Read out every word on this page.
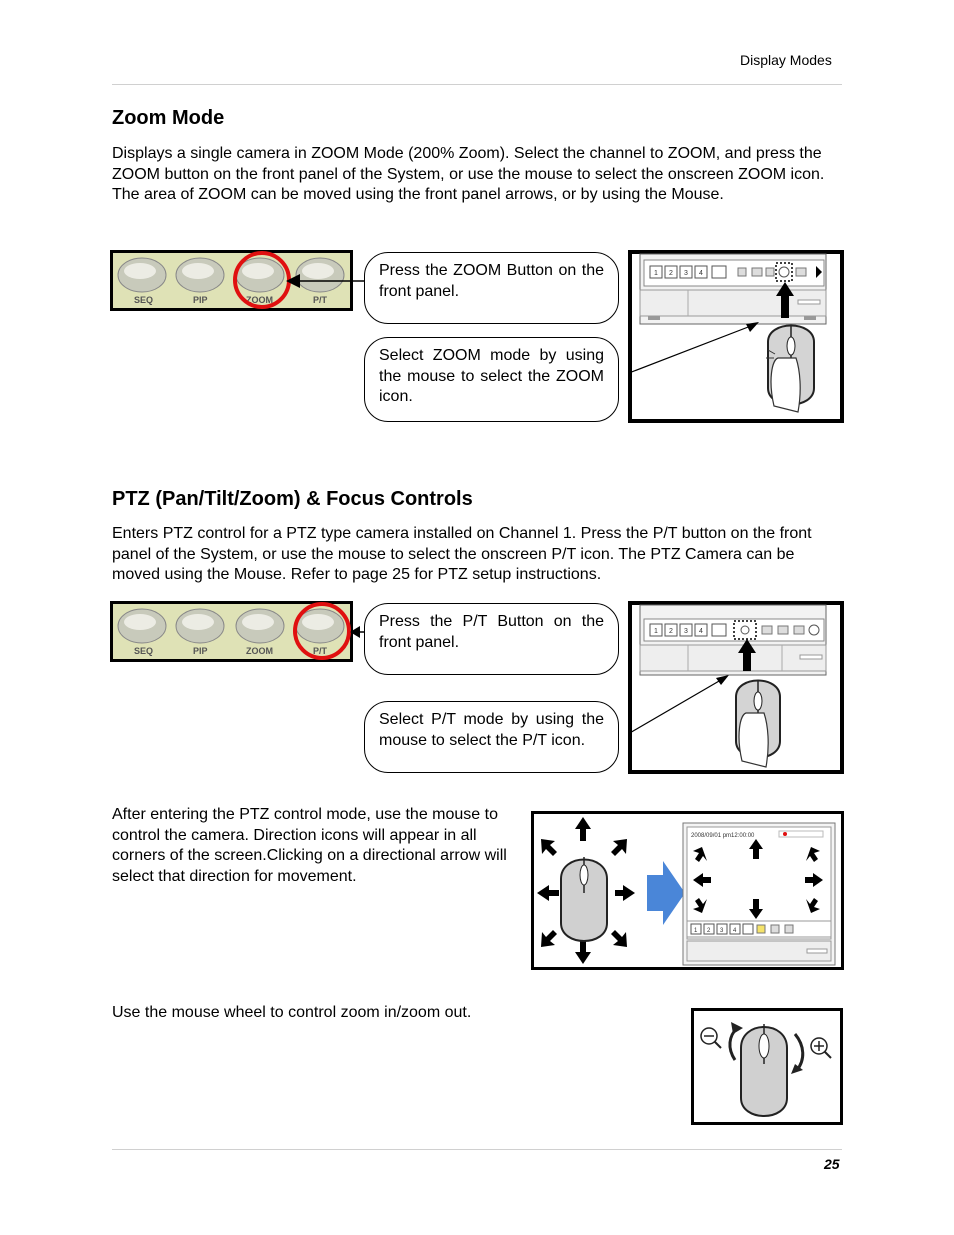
Display Modes
Zoom Mode
Displays a single camera in ZOOM Mode (200% Zoom). Select the channel to ZOOM, and press the ZOOM button on the front panel of the System, or use the mouse to select the onscreen ZOOM icon. The area of ZOOM can be moved using the front panel arrows, or by using the Mouse.
SEQ	PIP	ZOOM	P/T
Press the ZOOM Button on the front panel.
Select ZOOM mode by using the mouse to select the ZOOM icon.
1 2 3 4
PTZ (Pan/Tilt/Zoom) & Focus Controls
Enters PTZ control for a PTZ type camera installed on Channel 1. Press the P/T button on the front panel of the System, or use the mouse to select the onscreen P/T icon. The PTZ Camera can be moved using the Mouse. Refer to page 25 for PTZ setup instructions.
SEQ	PIP	ZOOM	P/T
Press the P/T Button on the front panel.
Select P/T mode by using the mouse to select the P/T icon.
1 2 3 4
After entering the PTZ control mode, use the mouse to control the camera. Direction icons will appear in all corners of the screen.Clicking on a directional arrow will select that direction for movement.
2008/09/01 pm12:00:00
1 2 3 4
Use the mouse wheel to control zoom in/zoom out.
25
